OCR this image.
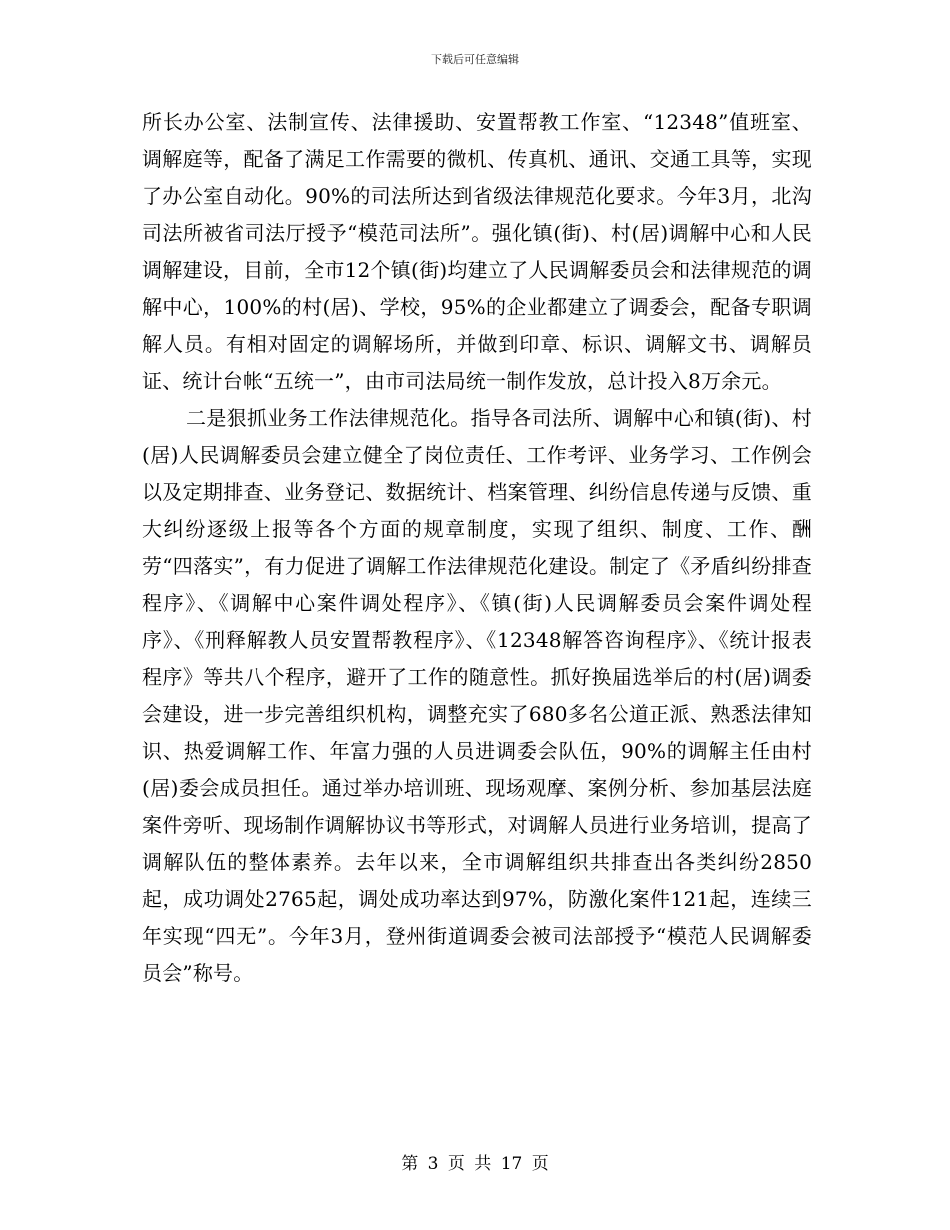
下载后可任意编辑

所长办公室、法制宣传、法律援助、安置帮教工作室、“12348”值班室、调解庭等，配备了满足工作需要的微机、传真机、通讯、交通工具等，实现了办公室自动化。90%的司法所达到省级法律规范化要求。今年3月，北沟司法所被省司法厅授予“模范司法所”。强化镇(街)、村(居)调解中心和人民调解建设，目前，全市12个镇(街)均建立了人民调解委员会和法律规范的调解中心，100%的村(居)、学校，95%的企业都建立了调委会，配备专职调解人员。有相对固定的调解场所，并做到印章、标识、调解文书、调解员证、统计台帐“五统一”，由市司法局统一制作发放，总计投入8万余元。

二是狠抓业务工作法律规范化。指导各司法所、调解中心和镇(街)、村(居)人民调解委员会建立健全了岗位责任、工作考评、业务学习、工作例会以及定期排查、业务登记、数据统计、档案管理、纠纷信息传递与反馈、重大纠纷逐级上报等各个方面的规章制度，实现了组织、制度、工作、酬劳“四落实”，有力促进了调解工作法律规范化建设。制定了《矛盾纠纷排查程序》、《调解中心案件调处程序》、《镇(街)人民调解委员会案件调处程序》、《刑释解教人员安置帮教程序》、《12348解答咨询程序》、《统计报表程序》等共八个程序，避开了工作的随意性。抓好换届选举后的村(居)调委会建设，进一步完善组织机构，调整充实了680多名公道正派、熟悉法律知识、热爱调解工作、年富力强的人员进调委会队伍，90%的调解主任由村(居)委会成员担任。通过举办培训班、现场观摩、案例分析、参加基层法庭案件旁听、现场制作调解协议书等形式，对调解人员进行业务培训，提高了调解队伍的整体素养。去年以来，全市调解组织共排查出各类纠纷2850起，成功调处2765起，调处成功率达到97%，防激化案件121起，连续三年实现“四无”。今年3月，登州街道调委会被司法部授予“模范人民调解委员会”称号。

第 3 页 共 17 页
